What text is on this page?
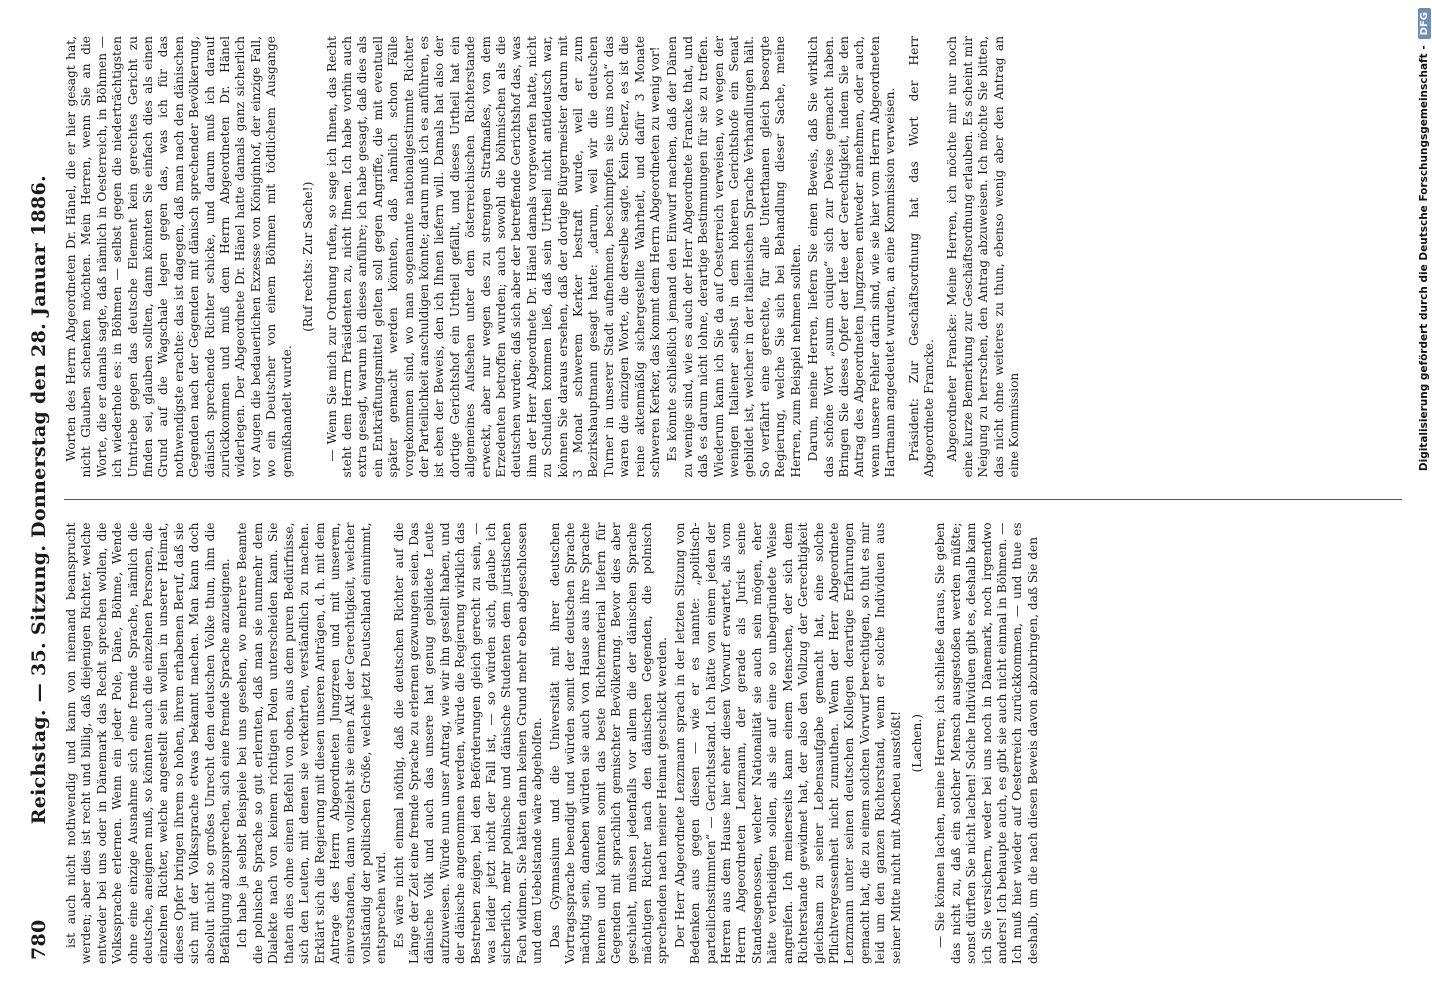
780
Reichstag. — 35. Sitzung. Donnerstag den 28. Januar 1886. ist auch nicht nothwendig und kann von niemand beansprucht werden; aber dies ist recht und billig, daß diejenigen Richter, welche entweder bei uns oder in Dänemark das Recht sprechen wollen, die Volkssprache erlernen. Wenn ein jeder Pole, Däne, Böhme, Wende ohne eine einzige Ausnahme sich eine fremde Sprache, nämlich die deutsche, aneignen muß, so könnten auch die einzelnen Personen, die einzelnen Richter, welche angestellt sein wollen in unserer Heimat, dieses Opfer bringen ihrem so hohen, ihrem erhabenen Beruf, daß sie sich mit der Volkssprache etwas bekannt machen. Man kann doch absolut nicht so großes Unrecht dem deutschen Volke thun, ihm die Befähigung abzusprechen, sich eine fremde Sprache anzueignen. Ich habe ja selbst Beispiele bei uns gesehen, wo mehrere Beamte die polnische Sprache so gut erlernten, daß man sie nunmehr dem Dialekte nach von keinem richtigen Polen unterscheiden kann. Sie thaten dies ohne einen Befehl von oben, aus dem puren Bedürfnisse, sich den Leuten, mit denen sie verkehrten, verständlich zu machen. Erklärt sich die Regierung mit diesen unseren Anträgen, d. h. mit dem Antrage des Herrn Abgeordneten Jungzreen und mit unserem, einverstanden, dann vollzieht sie einen Akt der Gerechtigkeit, welcher vollständig der politischen Größe, welche jetzt Deutschland einnimmt, entsprechen wird. Es wäre nicht einmal nöthig, daß die deutschen Richter auf die Länge der Zeit eine fremde Sprache zu erlernen gezwungen seien. Das dänische Volk und auch das unsere hat genug gebildete Leute aufzuweisen. Würde nun unser Antrag, wie wir ihn gestellt haben, und der dänische angenommen werden, würde die Regierung wirklich das Bestreben zeigen, bei den Beförderungen gleich gerecht zu sein, — was leider jetzt nicht der Fall ist, — so würden sich, glaube ich sicherlich, mehr polnische und dänische Studenten dem juristischen Fach widmen. Sie hätten dann keinen Grund mehr eben abgeschlossen und dem Uebelstande wäre abgeholfen. Das Gymnasium und die Universität mit ihrer deutschen Vortragssprache beendigt und würden somit der deutschen Sprache mächtig sein, daneben würden sie auch von Hause aus ihre Sprache kennen und könnten somit das beste Richtermaterial liefern für Gegenden mit sprachlich gemischter Bevölkerung. Bevor dies aber geschieht, müssen jedenfalls vor allem die der dänischen Sprache mächtigen Richter nach den dänischen Gegenden, die polnisch sprechenden nach meiner Heimat geschickt werden. Der Herr Abgeordnete Lenzmann sprach in der letzten Sitzung von Bedenken aus gegen diesen — wie er es nannte: „politisch-parteilichsstimmten“ — Gerichtsstand. Ich hätte von einem jeden der Herren aus dem Hause hier eher diesen Vorwurf erwartet, als vom Herrn Abgeordneten Lenzmann, der gerade als Jurist seine Standesgenossen, welcher Nationalität sie auch sein mögen, eher hätte vertheidigen sollen, als sie auf eine so unbegründete Weise angreifen. Ich meinerseits kann einem Menschen, der sich dem Richterstande gewidmet hat, der also den Vollzug der Gerechtigkeit gleichsam zu seiner Lebensaufgabe gemacht hat, eine solche Pflichtvergessenheit nicht zumuthen. Wenn der Herr Abgeordnete Lenzmann unter seinen deutschen Kollegen derartige Erfahrungen gemacht hat, die zu einem solchen Vorwurf berechtigen, so thut es mir leid um den ganzen Richterstand, wenn er solche Individuen aus seiner Mitte nicht mit Abscheu ausstößt! (Lachen.) — Sie können lachen, meine Herren; ich schließe daraus, Sie geben das nicht zu, daß ein solcher Mensch ausgestoßen werden müßte; sonst dürften Sie nicht lachen! Solche Individuen gibt es, deshalb kann ich Sie versichern, weder bei uns noch in Dänemark, noch irgendwo anders! Ich behaupte auch, es gibt sie auch nicht einmal in Böhmen. — Ich muß hier wieder auf Oesterreich zurückkommen, — und thue es deshalb, um die nach diesen Beweis davon abzubringen, daß Sie den

Worten des Herrn Abgeordneten Dr. Hänel, die er hier gesagt hat, nicht Glauben schenken möchten. Mein Herren, wenn Sie an die Worte, die er damals sagte, daß nämlich in Oesterreich, in Böhmen — ich wiederhole es: in Böhmen — selbst gegen die niederträchtigsten Umtriebe gegen das deutsche Element kein gerechtes Gericht zu finden sei, glauben sollten, dann könnten Sie einfach dies als einen Grund auf die Wagschale legen gegen das, was ich für das nothwendigste erachte: das ist dagegen, daß man nach den dänischen Gegenden nach der Gegenden mit dänisch sprechender Bevölkerung, dänisch sprechende Richter schicke, und darum muß ich darauf zurückkommen und muß dem Herrn Abgeordneten Dr. Hänel widerlegen. Der Abgeordnete Dr. Hänel hatte damals ganz sicherlich vor Augen die bedauerlichen Exzesse von Königinhof, der einzige Fall, wo ein Deutscher von einem Böhmen mit tödtlichem Ausgange gemißhandelt wurde.

(Ruf rechts: Zur Sache!) — Wenn Sie mich zur Ordnung rufen, so sage ich Ihnen, das Recht steht dem Herrn Präsidenten zu, nicht Ihnen. Ich habe vorhin auch extra gesagt, warum ich dieses anführe; ich habe gesagt, daß dies als ein Entkräftungsmittel gelten soll gegen Angriffe, die mit eventuell später gemacht werden könnten, daß nämlich schon Fälle vorgekommen sind, wo man sogenannte nationalgestimmte Richter der Parteilichkeit anschuldigen könnte; darum muß ich es anführen, es ist eben der Beweis, den ich Ihnen liefern will. Damals hat also der dortige Gerichtshof ein Urtheil gefällt, und dieses Urtheil hat ein allgemeines Aufsehen unter dem österreichischen Richterstande erweckt, aber nur wegen des zu strengen Strafmaßes, von dem Erzedenten betroffen wurden; auch sowohl die böhmischen als die deutschen wurden; daß sich aber der betreffende Gerichtshof das, was ihm der Herr Abgeordnete Dr. Hänel damals vorgeworfen hatte, nicht zu Schulden kommen ließ, daß sein Urtheil nicht antideutsch war, können Sie daraus ersehen, daß der dortige Bürgermeister darum mit 3 Monat schwerem Kerker bestraft wurde, weil er zum Bezirkshauptmann gesagt hatte: „darum, weil wir die deutschen Turner in unserer Stadt aufnehmen, beschimpfen sie uns noch“ das waren die einzigen Worte, die derselbe sagte. Kein Scherz, es ist die reine aktenmäßig sichergestellte Wahrheit, und dafür 3 Monate schweren Kerker, das kommt dem Herrn Abgeordneten zu wenig vor! Es könnte schließlich jemand den Einwurf machen, daß der Dänen zu wenige sind, wie es auch der Herr Abgeordnete Francke that, und daß es darum nicht lohne, derartige Bestimmungen für sie zu treffen. Wiederum kann ich Sie da auf Oesterreich verweisen, wo wegen der wenigen Italiener selbst in dem höheren Gerichtshofe ein Senat gebildet ist, welcher in der italienischen Sprache Verhandlungen hält. So verfährt eine gerechte, für alle Unterthanen gleich besorgte Regierung, welche Sie sich bei Behandlung dieser Sache, meine Herren, zum Beispiel nehmen sollten. Darum, meine Herren, liefern Sie einen Beweis, daß Sie wirklich das schöne Wort „suum cuique“ sich zur Devise gemacht haben. Bringen Sie dieses Opfer der Idee der Gerechtigkeit, indem Sie den Antrag des Abgeordneten Jungzreen entweder annehmen, oder auch, wenn unsere Fehler darin sind, wie sie hier vom Herrn Abgeordneten Hartmann angedeutet wurden, an eine Kommission verweisen. Präsident: Zur Geschäftsordnung hat das Wort der Herr Abgeordnete Francke. Abgeordneter Francke: Meine Herren, ich möchte mir nur noch eine kurze Bemerkung zur Geschäftsordnung erlauben. Es scheint mir Neigung zu herrschen, den Antrag abzuweisen. Ich möchte Sie bitten, das nicht ohne weiteres zu thun, ebenso wenig aber den Antrag an eine Kommission	Digitalisierung gefördert durch die Deutsche Forschungsgemeinschaft -
DFG
